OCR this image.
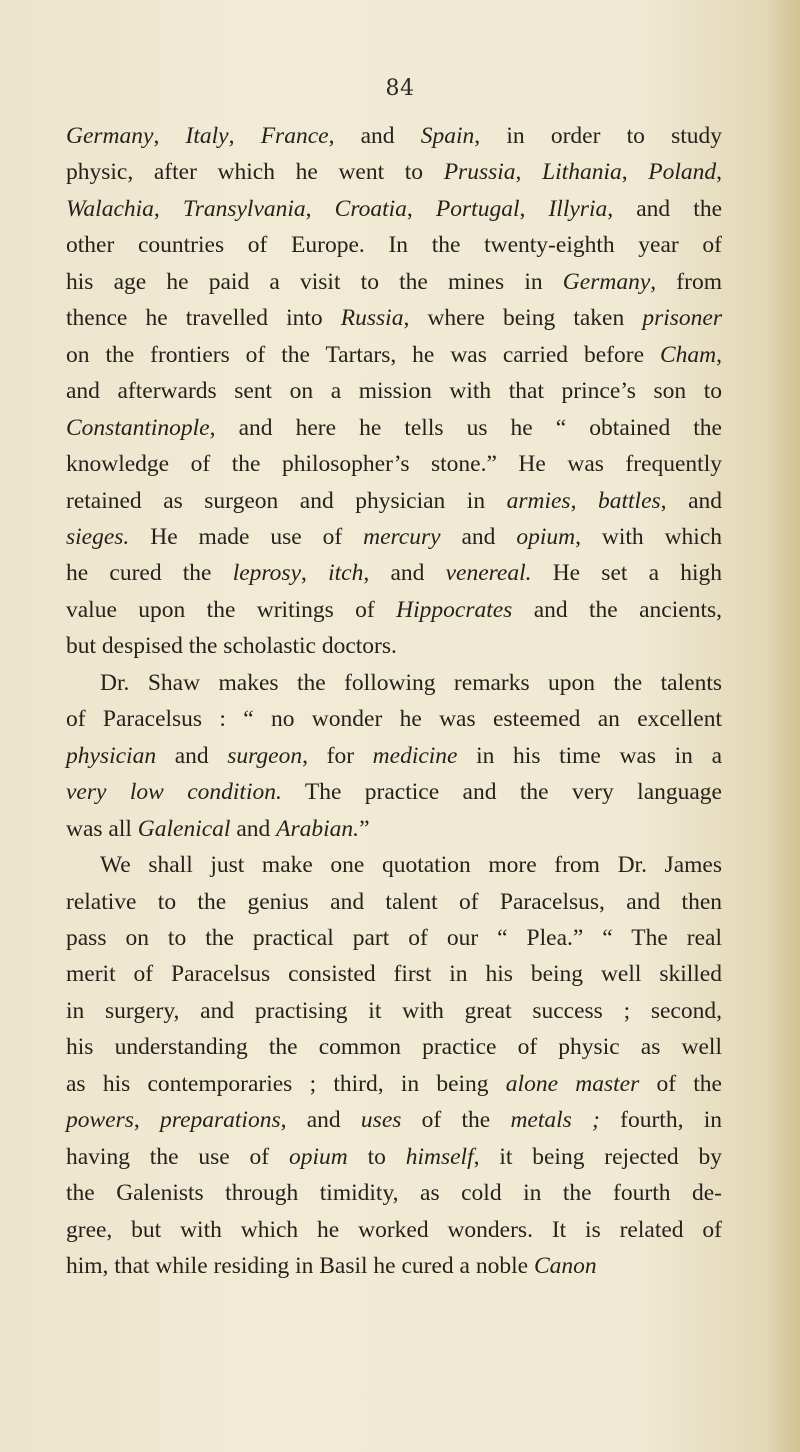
84

Germany, Italy, France, and Spain, in order to study

physic, after which he went to Prussia, Lithania, Poland,

Walachia, Transylvania, Croatia, Portugal, Illyria, and the

other countries of Europe. In the twenty-eighth year of

his age he paid a visit to the mines in Germany, from

thence he travelled into Russia, where being taken prisoner

on the frontiers of the Tartars, he was carried before Cham,

and afterwards sent on a mission with that prince’s son to

Constantinople, and here he tells us he “ obtained the

knowledge of the philosopher’s stone.” He was frequently

retained as surgeon and physician in armies, battles, and

sieges. He made use of mercury and opium, with which

he cured the leprosy, itch, and venereal. He set a high

value upon the writings of Hippocrates and the ancients,

but despised the scholastic doctors.

Dr. Shaw makes the following remarks upon the talents

of Paracelsus : “ no wonder he was esteemed an excellent

physician and surgeon, for medicine in his time was in a

very low condition. The practice and the very language

was all Galenical and Arabian.”

We shall just make one quotation more from Dr. James

relative to the genius and talent of Paracelsus, and then

pass on to the practical part of our “ Plea.” “ The real

merit of Paracelsus consisted first in his being well skilled

in surgery, and practising it with great success ; second,

his understanding the common practice of physic as well

as his contemporaries ; third, in being alone master of the

powers, preparations, and uses of the metals ; fourth, in

having the use of opium to himself, it being rejected by

the Galenists through timidity, as cold in the fourth de-

gree, but with which he worked wonders. It is related of

him, that while residing in Basil he cured a noble Canon
